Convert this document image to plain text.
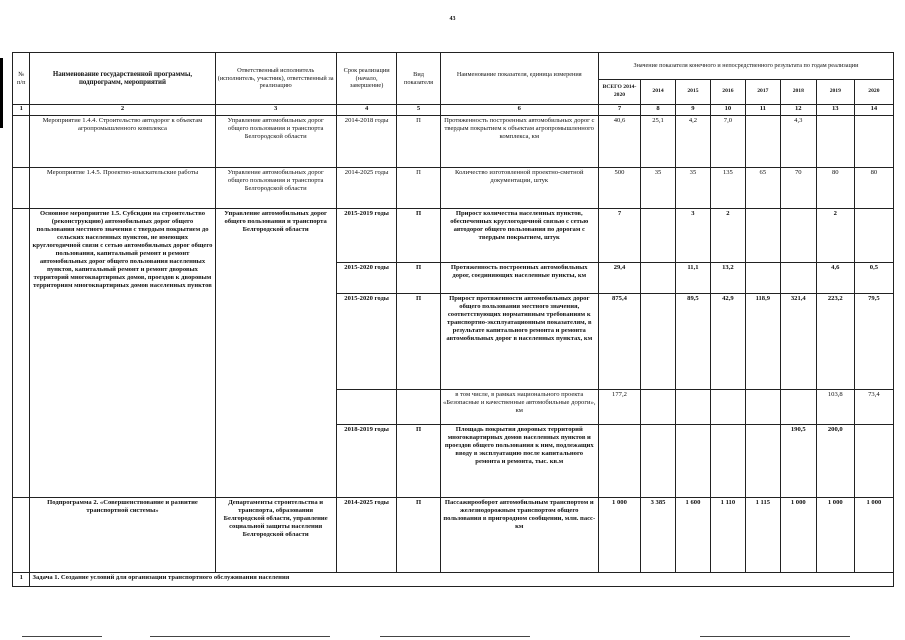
43
№ п/п	Наименование государственной программы, подпрограмм, мероприятий	Ответственный исполнитель (исполнитель, участник), ответственный за реализацию	Срок реализации (начало, завершение)	Вид показателя	Наименование показателя, единица измерения	Значение показателя конечного и непосредственного результата по годам реализации							
						ВСЕГО 2014-2020	2014	2015	2016	2017	2018	2019	2020
1	2	3	4	5	6	7	8	9	10	11	12	13	14
	Мероприятие 1.4.4. Строительство автодорог к объектам агропромышленного комплекса	Управление автомобильных дорог общего пользования и транспорта Белгородской области	2014-2018 годы	П	Протяженность построенных автомобильных дорог с твердым покрытием к объектам агропромышленного комплекса, км	40,6	25,1	4,2	7,0		4,3		
	Мероприятие 1.4.5. Проектно-изыскательские работы	Управление автомобильных дорог общего пользования и транспорта Белгородской области	2014-2025 годы	П	Количество изготовленной проектно-сметной документации, штук	500	35	35	135	65	70	80	80
	Основное мероприятие 1.5. Субсидии на строительство (реконструкцию) автомобильных дорог общего пользования местного значения с твердым покрытием до сельских населенных пунктов, не имеющих круглогодичной связи с сетью автомобильных дорог общего пользования, капитальный ремонт и ремонт автомобильных дорог общего пользования населенных пунктов, капитальный ремонт и ремонт дворовых территорий многоквартирных домов, проездов к дворовым территориям многоквартирных домов населенных пунктов	Управление автомобильных дорог общего пользования и транспорта Белгородской области	2015-2019 годы	П	Прирост количества населенных пунктов, обеспеченных круглогодичной связью с сетью автодорог общего пользования по дорогам с твердым покрытием, штук	7		3	2			2	
			2015-2020 годы	П	Протяженность построенных автомобильных дорог, соединяющих населенные пункты, км	29,4		11,1	13,2			4,6	0,5
			2015-2020 годы	П	Прирост протяженности автомобильных дорог общего пользования местного значения, соответствующих нормативным требованиям к транспортно-эксплуатационным показателям, в результате капитального ремонта и ремонта автомобильных дорог в населенных пунктах, км	875,4		89,5	42,9	118,9	321,4	223,2	79,5
					в том числе, в рамках национального проекта «Безопасные и качественные автомобильные дороги», км	177,2						103,8	73,4
			2018-2019 годы	П	Площадь покрытия дворовых территорий многоквартирных домов населенных пунктов и проездов общего пользования к ним, подлежащих вводу в эксплуатацию после капитального ремонта и ремонта, тыс. кв.м						190,5	200,0	
	Подпрограмма 2. «Совершенствование и развитие транспортной системы»	Департаменты строительства и транспорта, образования Белгородской области, управление социальной защиты населения Белгородской области	2014-2025 годы	П	Пассажирооборот автомобильным транспортом и железнодорожным транспортом общего пользования в пригородном сообщении, млн. пасс-км	1 000	3 385	1 600	1 110	1 115	1 000	1 000	1 000
1	Задача 1. Создание условий для организации транспортного обслуживания населения												
